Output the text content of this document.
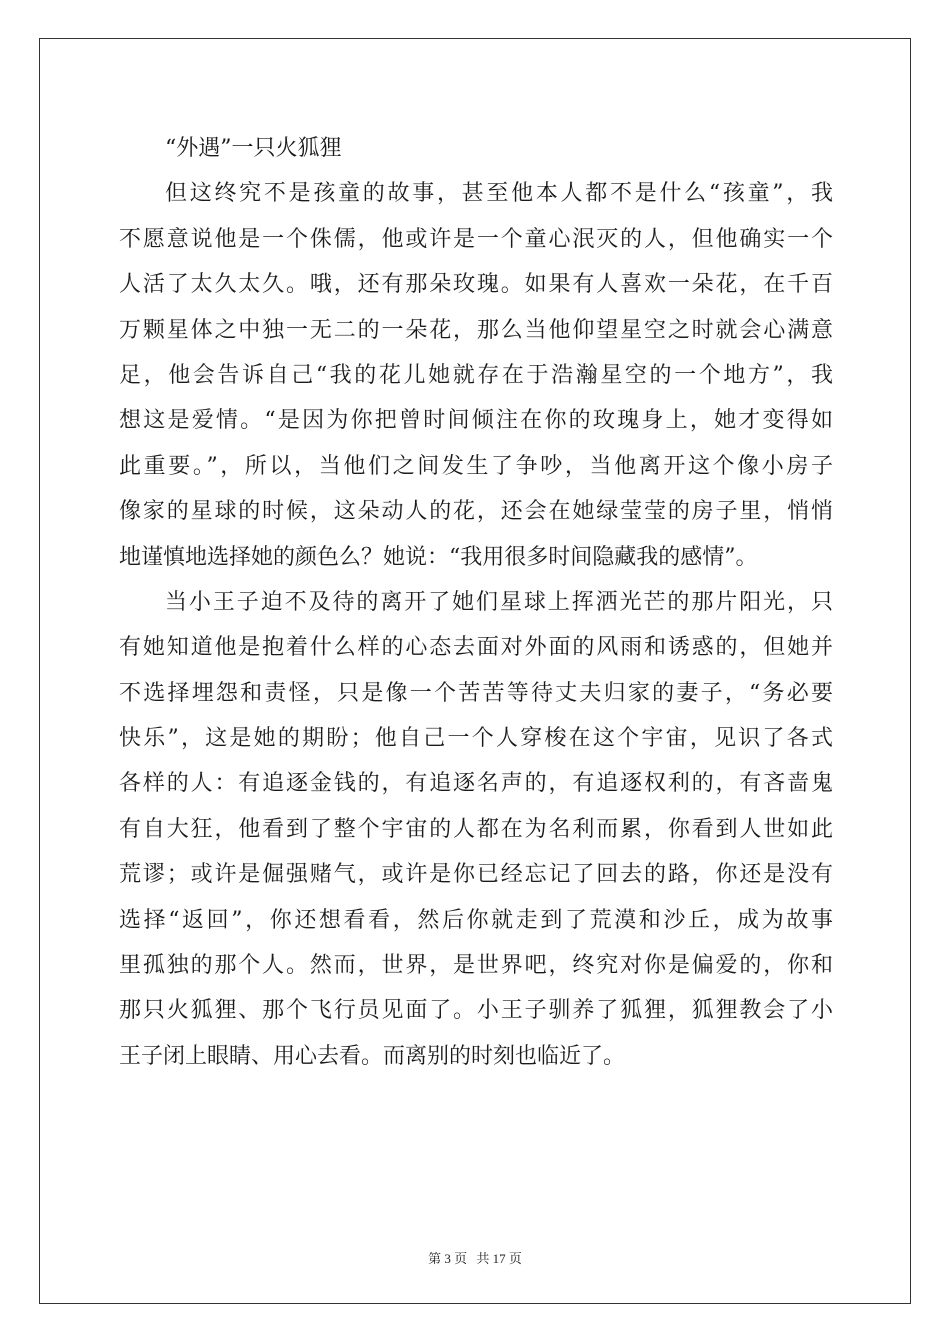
“外遇”一只火狐狸
但这终究不是孩童的故事，甚至他本人都不是什么“孩童”，我
不愿意说他是一个侏儒，他或许是一个童心泯灭的人，但他确实一个
人活了太久太久。哦，还有那朵玫瑰。如果有人喜欢一朵花，在千百
万颗星体之中独一无二的一朵花，那么当他仰望星空之时就会心满意
足，他会告诉自己“我的花儿她就存在于浩瀚星空的一个地方”，我
想这是爱情。“是因为你把曾时间倾注在你的玫瑰身上，她才变得如
此重要。”，所以，当他们之间发生了争吵，当他离开这个像小房子
像家的星球的时候，这朵动人的花，还会在她绿莹莹的房子里，悄悄
地谨慎地选择她的颜色么？她说：“我用很多时间隐藏我的感情”。
当小王子迫不及待的离开了她们星球上挥洒光芒的那片阳光，只
有她知道他是抱着什么样的心态去面对外面的风雨和诱惑的，但她并
不选择埋怨和责怪，只是像一个苦苦等待丈夫归家的妻子，“务必要
快乐”，这是她的期盼；他自己一个人穿梭在这个宇宙，见识了各式
各样的人：有追逐金钱的，有追逐名声的，有追逐权利的，有吝啬鬼
有自大狂，他看到了整个宇宙的人都在为名利而累，你看到人世如此
荒谬；或许是倔强赌气，或许是你已经忘记了回去的路，你还是没有
选择“返回”，你还想看看，然后你就走到了荒漠和沙丘，成为故事
里孤独的那个人。然而，世界，是世界吧，终究对你是偏爱的，你和
那只火狐狸、那个飞行员见面了。小王子驯养了狐狸，狐狸教会了小
王子闭上眼睛、用心去看。而离别的时刻也临近了。
第 3 页 共 17 页
